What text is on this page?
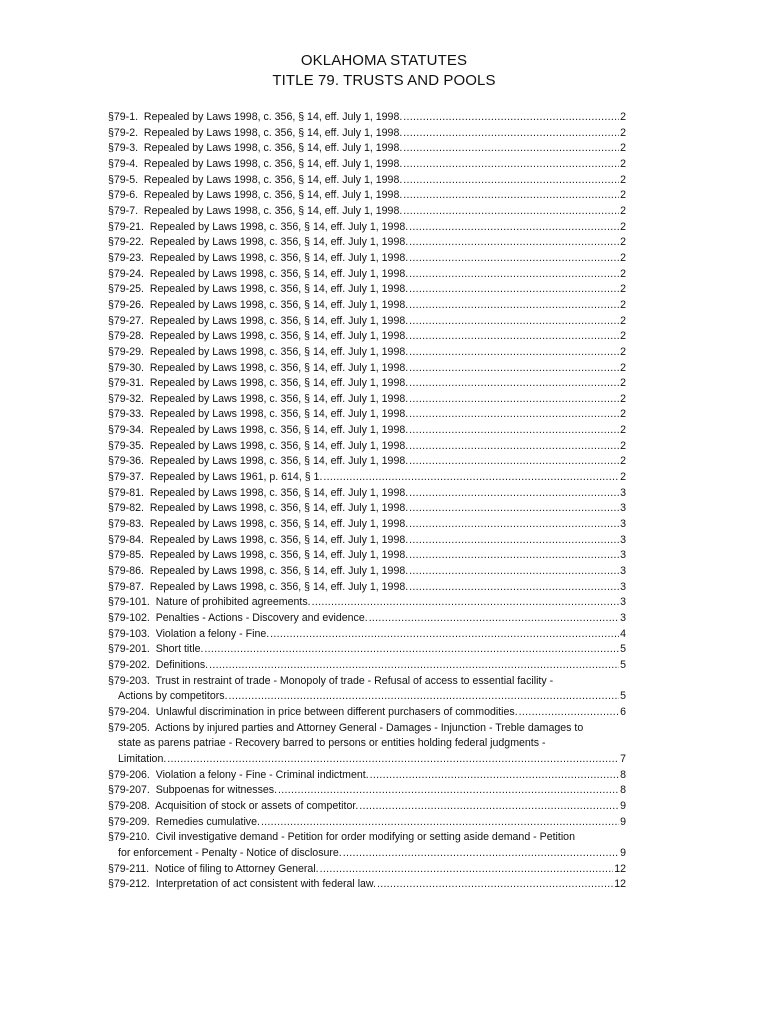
OKLAHOMA STATUTES
TITLE 79. TRUSTS AND POOLS
§79-1.  Repealed by Laws 1998, c. 356, § 14, eff. July 1, 1998. .....	2
§79-2.  Repealed by Laws 1998, c. 356, § 14, eff. July 1, 1998. .....	2
§79-3.  Repealed by Laws 1998, c. 356, § 14, eff. July 1, 1998. .....	2
§79-4.  Repealed by Laws 1998, c. 356, § 14, eff. July 1, 1998. .....	2
§79-5.  Repealed by Laws 1998, c. 356, § 14, eff. July 1, 1998. .....	2
§79-6.  Repealed by Laws 1998, c. 356, § 14, eff. July 1, 1998. .....	2
§79-7.  Repealed by Laws 1998, c. 356, § 14, eff. July 1, 1998. .....	2
§79-21.  Repealed by Laws 1998, c. 356, § 14, eff. July 1, 1998. .....	2
§79-22.  Repealed by Laws 1998, c. 356, § 14, eff. July 1, 1998. .....	2
§79-23.  Repealed by Laws 1998, c. 356, § 14, eff. July 1, 1998. .....	2
§79-24.  Repealed by Laws 1998, c. 356, § 14, eff. July 1, 1998. .....	2
§79-25.  Repealed by Laws 1998, c. 356, § 14, eff. July 1, 1998. .....	2
§79-26.  Repealed by Laws 1998, c. 356, § 14, eff. July 1, 1998. .....	2
§79-27.  Repealed by Laws 1998, c. 356, § 14, eff. July 1, 1998. .....	2
§79-28.  Repealed by Laws 1998, c. 356, § 14, eff. July 1, 1998. .....	2
§79-29.  Repealed by Laws 1998, c. 356, § 14, eff. July 1, 1998. .....	2
§79-30.  Repealed by Laws 1998, c. 356, § 14, eff. July 1, 1998. .....	2
§79-31.  Repealed by Laws 1998, c. 356, § 14, eff. July 1, 1998. .....	2
§79-32.  Repealed by Laws 1998, c. 356, § 14, eff. July 1, 1998. .....	2
§79-33.  Repealed by Laws 1998, c. 356, § 14, eff. July 1, 1998. .....	2
§79-34.  Repealed by Laws 1998, c. 356, § 14, eff. July 1, 1998. .....	2
§79-35.  Repealed by Laws 1998, c. 356, § 14, eff. July 1, 1998. .....	2
§79-36.  Repealed by Laws 1998, c. 356, § 14, eff. July 1, 1998. .....	2
§79-37.  Repealed by Laws 1961, p. 614, § 1. .....	2
§79-81.  Repealed by Laws 1998, c. 356, § 14, eff. July 1, 1998. .....	3
§79-82.  Repealed by Laws 1998, c. 356, § 14, eff. July 1, 1998. .....	3
§79-83.  Repealed by Laws 1998, c. 356, § 14, eff. July 1, 1998. .....	3
§79-84.  Repealed by Laws 1998, c. 356, § 14, eff. July 1, 1998. .....	3
§79-85.  Repealed by Laws 1998, c. 356, § 14, eff. July 1, 1998. .....	3
§79-86.  Repealed by Laws 1998, c. 356, § 14, eff. July 1, 1998. .....	3
§79-87.  Repealed by Laws 1998, c. 356, § 14, eff. July 1, 1998. .....	3
§79-101.  Nature of prohibited agreements. .....	3
§79-102.  Penalties - Actions - Discovery and evidence. .....	3
§79-103.  Violation a felony - Fine. .....	4
§79-201.  Short title. .....	5
§79-202.  Definitions. .....	5
§79-203.  Trust in restraint of trade - Monopoly of trade - Refusal of access to essential facility -
Actions by competitors. .....	5
§79-204.  Unlawful discrimination in price between different purchasers of commodities. .....	6
§79-205.  Actions by injured parties and Attorney General - Damages - Injunction - Treble damages to
state as parens patriae - Recovery barred to persons or entities holding federal judgments -
Limitation. .....	7
§79-206.  Violation a felony - Fine - Criminal indictment. .....	8
§79-207.  Subpoenas for witnesses. .....	8
§79-208.  Acquisition of stock or assets of competitor. .....	9
§79-209.  Remedies cumulative. .....	9
§79-210.  Civil investigative demand - Petition for order modifying or setting aside demand - Petition
for enforcement - Penalty - Notice of disclosure. .....	9
§79-211.  Notice of filing to Attorney General. .....	12
§79-212.  Interpretation of act consistent with federal law. .....	12
